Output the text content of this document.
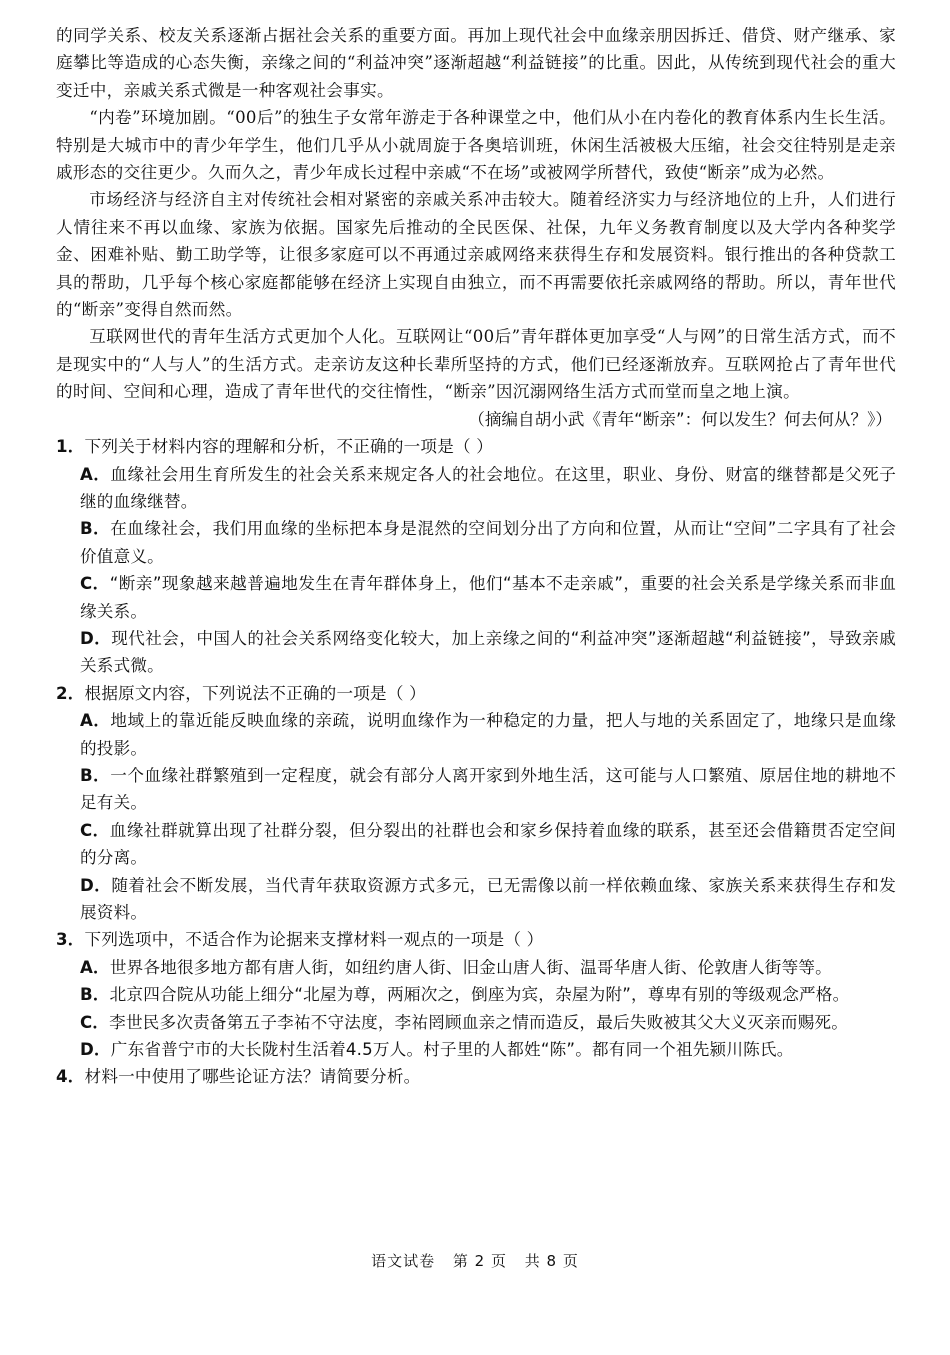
的同学关系、校友关系逐渐占据社会关系的重要方面。再加上现代社会中血缘亲朋因拆迁、借贷、财产继承、家庭攀比等造成的心态失衡，亲缘之间的“利益冲突”逐渐超越“利益链接”的比重。因此，从传统到现代社会的重大变迁中，亲戚关系式微是一种客观社会事实。

“内卷”环境加剧。“00后”的独生子女常年游走于各种课堂之中，他们从小在内卷化的教育体系内生长生活。特别是大城市中的青少年学生，他们几乎从小就周旋于各奥培训班，休闲生活被极大压缩，社会交往特别是走亲戚形态的交往更少。久而久之，青少年成长过程中亲戚“不在场”或被网学所替代，致使“断亲”成为必然。

市场经济与经济自主对传统社会相对紧密的亲戚关系冲击较大。随着经济实力与经济地位的上升，人们进行人情往来不再以血缘、家族为依据。国家先后推动的全民医保、社保，九年义务教育制度以及大学内各种奖学金、困难补贴、勤工助学等，让很多家庭可以不再通过亲戚网络来获得生存和发展资料。银行推出的各种贷款工具的帮助，几乎每个核心家庭都能够在经济上实现自由独立，而不再需要依托亲戚网络的帮助。所以，青年世代的“断亲”变得自然而然。

互联网世代的青年生活方式更加个人化。互联网让“00后”青年群体更加享受“人与网”的日常生活方式，而不是现实中的“人与人”的生活方式。走亲访友这种长辈所坚持的方式，他们已经逐渐放弃。互联网抢占了青年世代的时间、空间和心理，造成了青年世代的交往惰性，“断亲”因沉溺网络生活方式而堂而皇之地上演。

（摘编自胡小武《青年“断亲”：何以发生？何去何从？》）

1．下列关于材料内容的理解和分析，不正确的一项是（ ）

A．血缘社会用生育所发生的社会关系来规定各人的社会地位。在这里，职业、身份、财富的继替都是父死子继的血缘继替。

B．在血缘社会，我们用血缘的坐标把本身是混然的空间划分出了方向和位置，从而让“空间”二字具有了社会价值意义。

C．“断亲”现象越来越普遍地发生在青年群体身上，他们“基本不走亲戚”，重要的社会关系是学缘关系而非血缘关系。

D．现代社会，中国人的社会关系网络变化较大，加上亲缘之间的“利益冲突”逐渐超越“利益链接”，导致亲戚关系式微。

2．根据原文内容，下列说法不正确的一项是（ ）

A．地域上的靠近能反映血缘的亲疏，说明血缘作为一种稳定的力量，把人与地的关系固定了，地缘只是血缘的投影。

B．一个血缘社群繁殖到一定程度，就会有部分人离开家到外地生活，这可能与人口繁殖、原居住地的耕地不足有关。

C．血缘社群就算出现了社群分裂，但分裂出的社群也会和家乡保持着血缘的联系，甚至还会借籍贯否定空间的分离。

D．随着社会不断发展，当代青年获取资源方式多元，已无需像以前一样依赖血缘、家族关系来获得生存和发展资料。

3．下列选项中，不适合作为论据来支撑材料一观点的一项是（ ）

A．世界各地很多地方都有唐人街，如纽约唐人街、旧金山唐人街、温哥华唐人街、伦敦唐人街等等。

B．北京四合院从功能上细分“北屋为尊，两厢次之，倒座为宾，杂屋为附”，尊卑有别的等级观念严格。

C．李世民多次责备第五子李祐不守法度，李祐罔顾血亲之情而造反，最后失败被其父大义灭亲而赐死。

D．广东省普宁市的大长陇村生活着4.5万人。村子里的人都姓“陈”。都有同一个祖先颍川陈氏。

4．材料一中使用了哪些论证方法？请简要分析。

语文试卷 第 2 页 共 8 页
